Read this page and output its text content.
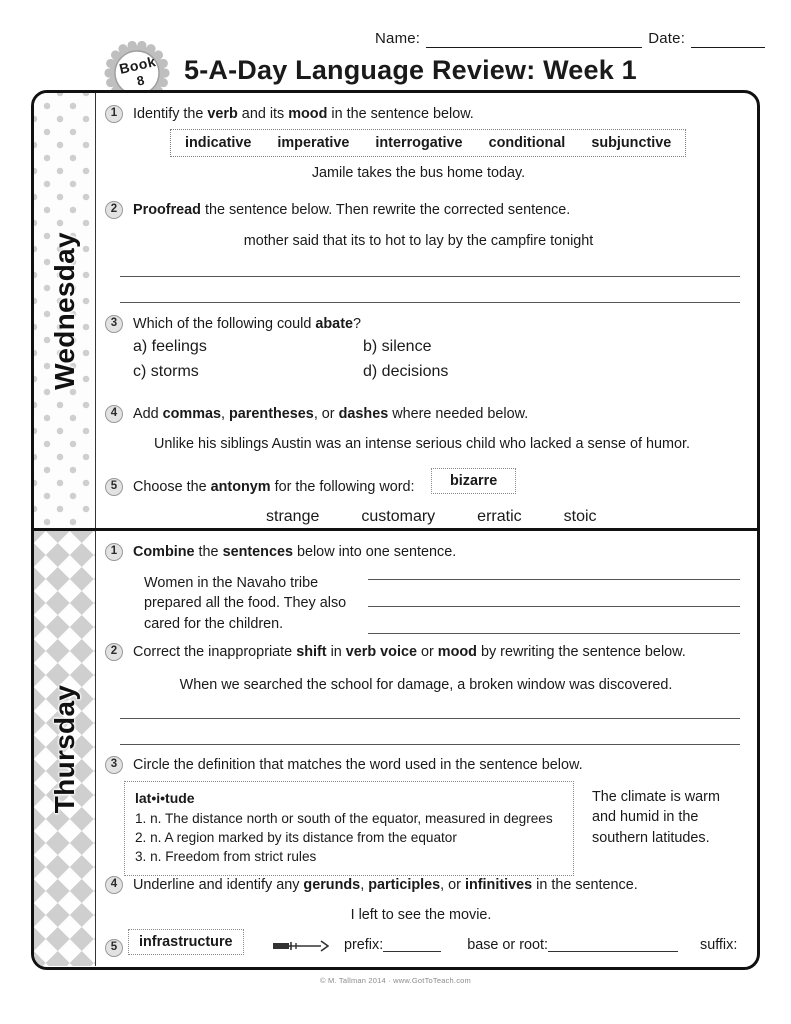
Name:	Date:
Book
8 5-A-Day Language Review: Week 1
Wednesday
1	Identify the verb and its mood in the sentence below.
indicative imperative interrogative conditional subjunctive
Jamile takes the bus home today.
2	Proofread the sentence below. Then rewrite the corrected sentence.
mother said that its to hot to lay by the campfire tonight
3	Which of the following could abate?
a) feelings	b) silence
c) storms	d) decisions
4	Add commas, parentheses, or dashes where needed below.
Unlike his siblings Austin was an intense serious child who lacked a sense of humor.
5	Choose the antonym for the following word:	bizarre
strange	customary	erratic	stoic
Thursday
1	Combine the sentences below into one sentence.
Women in the Navaho tribe prepared all the food. They also cared for the children.
2	Correct the inappropriate shift in verb voice or mood by rewriting the sentence below.
When we searched the school for damage, a broken window was discovered.
3	Circle the definition that matches the word used in the sentence below.
lat•i•tude
1. n. The distance north or south of the equator, measured in degrees
2. n. A region marked by its distance from the equator
3. n. Freedom from strict rules
The climate is warm and humid in the southern latitudes.
4	Underline and identify any gerunds, participles, or infinitives in the sentence.
I left to see the movie.
5	infrastructure	prefix:	base or root:	suffix:
© M. Tallman 2014 · www.GotToTeach.com
